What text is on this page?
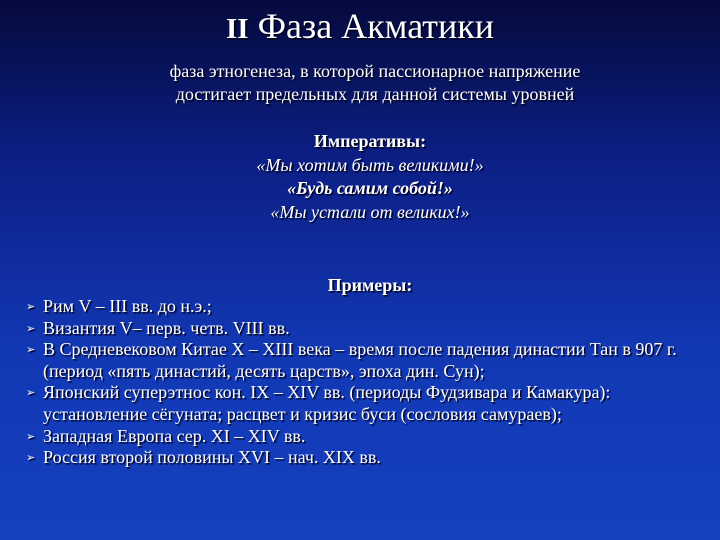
II Фаза Акматики
фаза этногенеза, в которой пассионарное напряжение
достигает предельных для данной системы уровней
Императивы:
«Мы хотим быть великими!»
«Будь самим собой!»
«Мы устали от великих!»
Примеры:
➢ Рим V – III вв. до н.э.;
➢ Византия V– перв. четв. VIII вв.
➢ В Средневековом Китае X – XIII века – время после падения династии Тан в 907 г. (период «пять династий, десять царств», эпоха дин. Сун);
➢ Японский суперэтнос кон. IX – XIV вв. (периоды Фудзивара и Камакура): установление сёгуната; расцвет и кризис буси (сословия самураев);
➢ Западная Европа сер. XI – XIV вв.
➢ Россия второй половины XVI – нач. XIX вв.
